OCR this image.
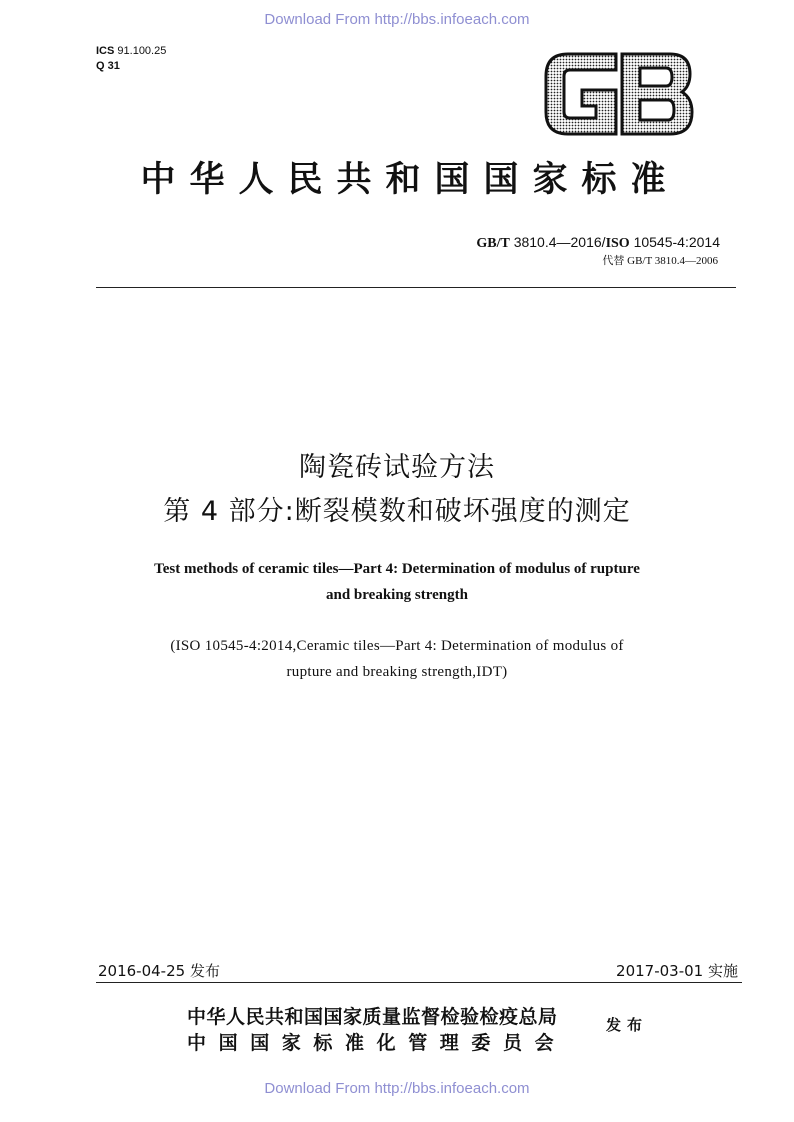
Download From http://bbs.infoeach.com
ICS 91.100.25
Q 31
中华人民共和国国家标准
GB/T 3810.4—2016/ISO 10545-4:2014
代替 GB/T 3810.4—2006
陶瓷砖试验方法
第 4 部分:断裂模数和破坏强度的测定
Test methods of ceramic tiles—Part 4: Determination of modulus of rupture
and breaking strength
(ISO 10545-4:2014,Ceramic tiles—Part 4: Determination of modulus of
rupture and breaking strength,IDT)
2016-04-25 发布	2017-03-01 实施
中华人民共和国国家质量监督检验检疫总局
中国国家标准化管理委员会
发布
Download From http://bbs.infoeach.com
